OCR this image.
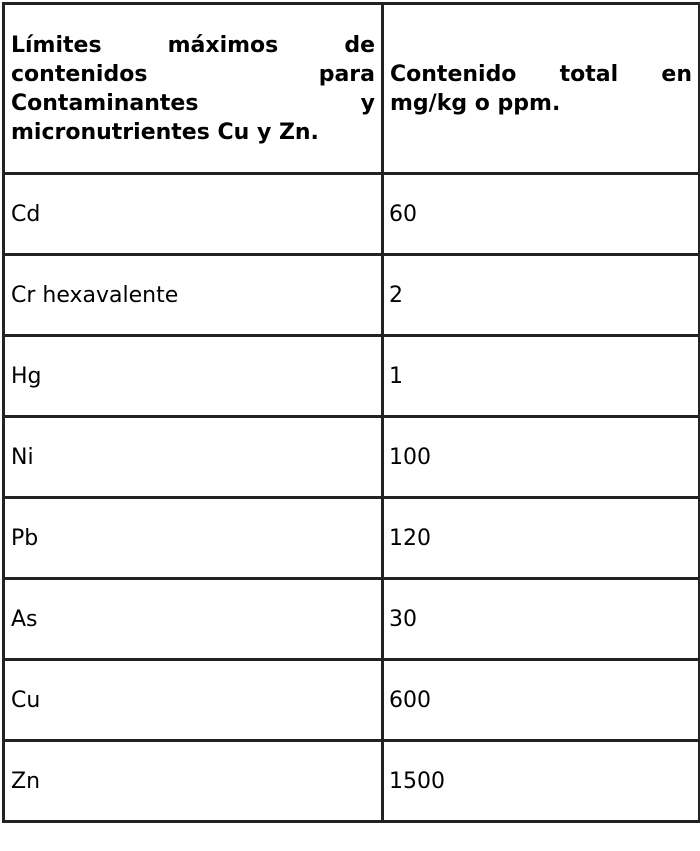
Límites máximos de contenidos para Contaminantes y micronutrientes Cu y Zn.	Contenido total en mg/kg o ppm.
Cd	60
Cr hexavalente	2
Hg	1
Ni	100
Pb	120
As	30
Cu	600
Zn	1500
